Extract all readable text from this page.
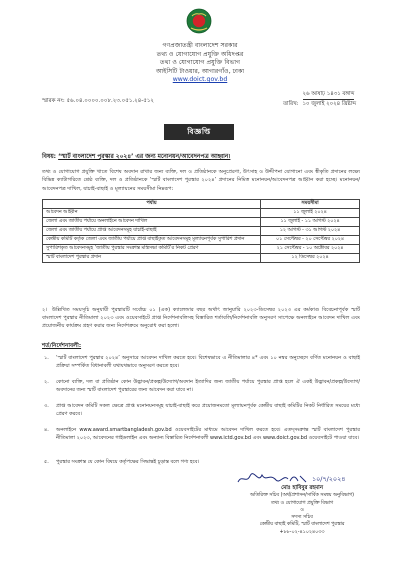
গণপ্রজাতন্ত্রী বাংলাদেশ সরকার
তথ্য ও যোগাযোগ প্রযুক্তি অধিদপ্তর
তথ্য ও যোগাযোগ প্রযুক্তি বিভাগ
আইসিটি টাওয়ার, আগারগাঁও, ঢাকা
www.doict.gov.bd
স্মারক নং: ৫৬.০৪.০০০০.০০৮.২৩.০৫১.২৪-৫১২
২৬ আষাঢ় ১৪৩১ বঙ্গাব্দ
তারিখ: ১০ জুলাই ২০২৪ খ্রিষ্টাব্দ
বিজ্ঞপ্তি
বিষয়: ‘স্মার্ট বাংলাদেশ পুরস্কার ২০২৪’ এর জন্য মনোনয়ন/আবেদনপত্র আহ্বান।
তথ্য ও যোগাযোগ প্রযুক্তি খাতে বিশেষ অবদান রাখার জন্য ব্যক্তি, দল ও প্রতিষ্ঠানকে অনুপ্রেরণা, উৎসাহ ও উদ্দীপনা যোগানো এবং স্বীকৃতি প্রদানের লক্ষ্যে বিভিন্ন ক্যাটাগরিতে শ্রেষ্ঠ ব্যক্তি, দল ও প্রতিষ্ঠানকে ‘স্মার্ট বাংলাদেশ পুরস্কার ২০২৪’ প্রদানের নিমিত্ত মনোনয়ন/আবেদনপত্র আহ্বান করা হচ্ছে। মনোনয়ন/আবেদনপত্র দাখিল, যাচাই-বাছাই ও মূল্যায়নের সময়সীমা নিম্নরূপ:
পর্যায়	সময়সীমা
আবেদন আহ্বান	১১ জুলাই ২০২৪
জেলা এবং জাতীয় পর্যায়ে অনলাইনে আবেদন দাখিল	১১ জুলাই - ১১ আগস্ট ২০২৪
জেলা এবং জাতীয় পর্যায়ে প্রাপ্ত আবেদনসমূহ যাচাই-বাছাই	১২ আগস্ট - ৩১ আগস্ট ২০২৪
কেন্দ্রীয় কমিটি কর্তৃক জেলা এবং জাতীয় পর্যায়ে প্রাপ্ত বাছাইকৃত আবেদনসমূহ মূল্যায়নপূর্বক সুপারিশ প্রদান	০১ সেপ্টেম্বর - ২০ সেপ্টেম্বর ২০২৪
সুপারিশকৃত আবেদনসমূহ ‘জাতীয় পুরস্কার সংক্রান্ত মন্ত্রিসভা কমিটি’র নিকট প্রেরণ	২১ সেপ্টেম্বর - ১০ অক্টোবর ২০২৪
স্মার্ট বাংলাদেশ পুরস্কার প্রদান	১২ ডিসেম্বর ২০২৪
২। উল্লিখিত সময়সূচি অনুযায়ী পুরস্কারটি সর্বোচ্চ ০১ (এক) ক্যালেন্ডার বছর অর্থাৎ জানুয়ারি ২০২৩-ডিসেম্বর ২০২৩ এর কর্মকাণ্ড বিবেচনাপূর্বক স্মার্ট বাংলাদেশ পুরস্কার নীতিমালা ২০২৩ এবং ওয়েবসাইটে প্রাপ্ত নির্দেশনাবলিসহ বিস্তারিত শর্তাবলি/নির্দেশনাবলি অনুসরণ সাপেক্ষে অনলাইনে আবেদন দাখিল এবং প্রয়োজনীয় কার্যক্রম গ্রহণ করার জন্য নির্দেশক্রমে অনুরোধ করা হলো।
শর্ত/নির্দেশনাবলী:
১.	‘স্মার্ট বাংলাদেশ পুরস্কার ২০২৪’ অনুসারে আবেদন দাখিল করতে হবে। বিশেষভাবে এ নীতিমালার ৪* এবং ১০ নম্বর অনুচ্ছেদে বর্ণিত মনোনয়ন ও বাছাই প্রক্রিয়া সম্পর্কিত বিধানাবলী যথাযথভাবে অনুসরণ করতে হবে।
২.	কোনো ব্যক্তি, দল বা প্রতিষ্ঠান কোন উদ্ভাবন/প্রকল্প/উদ্যোগ/অবদান ইত্যাদির জন্য জাতীয় পর্যায়ে পুরস্কার প্রাপ্ত হলে ঐ একই উদ্ভাবন/প্রকল্প/উদ্যোগ/অবদানের জন্য স্মার্ট বাংলাদেশ পুরস্কারের জন্য আবেদন করা যাবে না।
৩.	প্রাপ্ত আবেদন কমিটি সকল ক্ষেত্রে প্রাপ্ত মনোনয়নসমূহ যাচাই-বাছাই করে প্রয়োজনমতো মূল্যায়নপূর্বক কেন্দ্রীয় বাছাই কমিটির নিকট নির্ধারিত সময়ের মধ্যে প্রেরণ করবে।
৪.	অনলাইনে www.award.smartbangladesh.gov.bd ওয়েবসাইটের মাধ্যমে আবেদন দাখিল করতে হবে। এতদ্সংক্রান্ত স্মার্ট বাংলাদেশ পুরস্কার নীতিমালা ২০২৩, আবেদনের গাইডলাইন এবং অন্যান্য বিস্তারিত নির্দেশনাবলী www.ictd.gov.bd এবং www.doict.gov.bd ওয়েবসাইটে পাওয়া যাবে।
৫.	পুরস্কার সংক্রান্ত যে কোন বিষয়ে কর্তৃপক্ষের সিদ্ধান্তই চূড়ান্ত বলে গণ্য হবে।
১০/৭/২০২৪
মোঃ হাবিবুর রহমান
অতিরিক্ত সচিব (অর্থ/প্রশাসন/সার্বিক সমন্বয় অনুবিভাগ)
তথ্য ও যোগাযোগ প্রযুক্তি বিভাগ
ও
সদস্য সচিব
কেন্দ্রীয় বাছাই কমিটি, স্মার্ট বাংলাদেশ পুরস্কার
+৮৮-০২-৪১০২৪০৩৩
